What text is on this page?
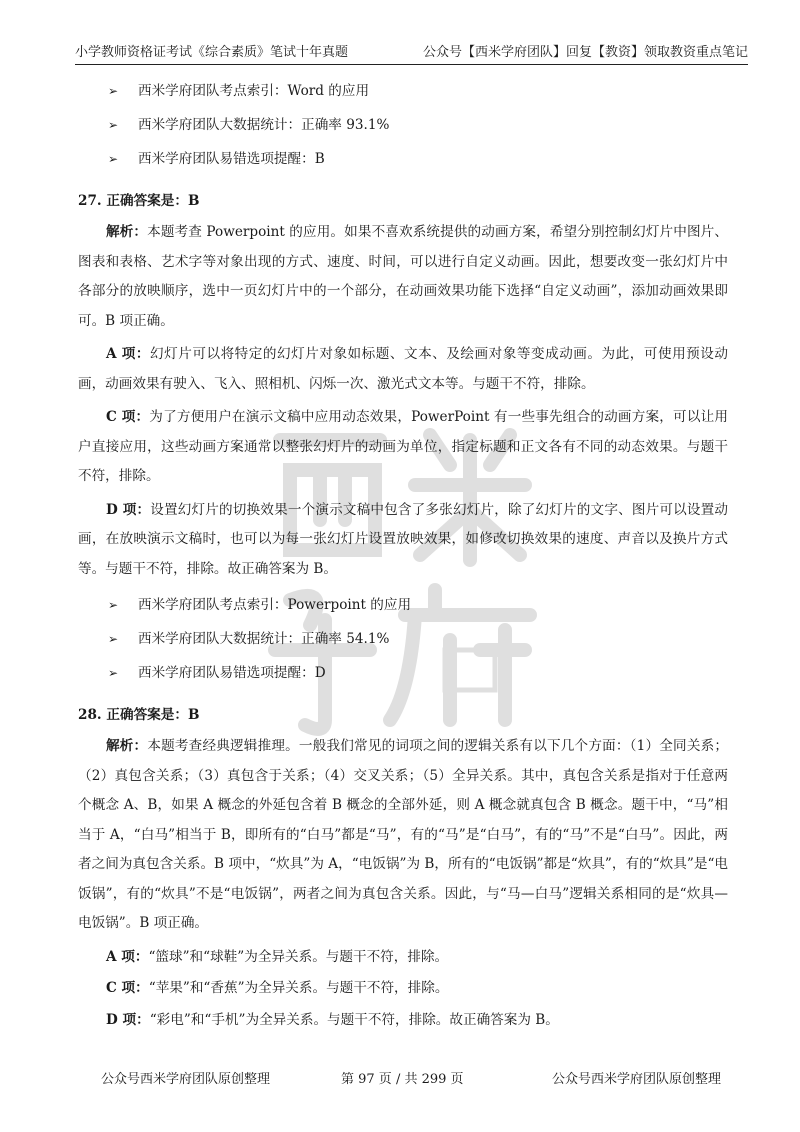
小学教师资格证考试《综合素质》笔试十年真题	公众号【西米学府团队】回复【教资】领取教资重点笔记
➢ 西米学府团队考点索引：Word 的应用
➢ 西米学府团队大数据统计：正确率 93.1%
➢ 西米学府团队易错选项提醒：B
27. 正确答案是：B

解析：本题考查 Powerpoint 的应用。如果不喜欢系统提供的动画方案，希望分别控制幻灯片中图片、图表和表格、艺术字等对象出现的方式、速度、时间，可以进行自定义动画。因此，想要改变一张幻灯片中各部分的放映顺序，选中一页幻灯片中的一个部分，在动画效果功能下选择“自定义动画”，添加动画效果即可。B 项正确。

A 项：幻灯片可以将特定的幻灯片对象如标题、文本、及绘画对象等变成动画。为此，可使用预设动画，动画效果有驶入、飞入、照相机、闪烁一次、激光式文本等。与题干不符，排除。

C 项：为了方便用户在演示文稿中应用动态效果，PowerPoint 有一些事先组合的动画方案，可以让用户直接应用，这些动画方案通常以整张幻灯片的动画为单位，指定标题和正文各有不同的动态效果。与题干不符，排除。

D 项：设置幻灯片的切换效果一个演示文稿中包含了多张幻灯片，除了幻灯片的文字、图片可以设置动画，在放映演示文稿时，也可以为每一张幻灯片设置放映效果，如修改切换效果的速度、声音以及换片方式等。与题干不符，排除。故正确答案为 B。

➢ 西米学府团队考点索引：Powerpoint 的应用
➢ 西米学府团队大数据统计：正确率 54.1%
➢ 西米学府团队易错选项提醒：D
28. 正确答案是：B

解析：本题考查经典逻辑推理。一般我们常见的词项之间的逻辑关系有以下几个方面：（1）全同关系；（2）真包含关系；（3）真包含于关系；（4）交叉关系；（5）全异关系。其中，真包含关系是指对于任意两个概念 A、B，如果 A 概念的外延包含着 B 概念的全部外延，则 A 概念就真包含 B 概念。题干中，“马”相当于 A，“白马”相当于 B，即所有的“白马”都是“马”，有的“马”是“白马”，有的“马”不是“白马”。因此，两者之间为真包含关系。B 项中，“炊具”为 A，“电饭锅”为 B，所有的“电饭锅”都是“炊具”，有的“炊具”是“电饭锅”，有的“炊具”不是“电饭锅”，两者之间为真包含关系。因此，与“马—白马”逻辑关系相同的是“炊具—电饭锅”。B 项正确。

A 项：“篮球”和“球鞋”为全异关系。与题干不符，排除。

C 项：“苹果”和“香蕉”为全异关系。与题干不符，排除。

D 项：“彩电”和“手机”为全异关系。与题干不符，排除。故正确答案为 B。

公众号西米学府团队原创整理	第 97 页 / 共 299 页	公众号西米学府团队原创整理
